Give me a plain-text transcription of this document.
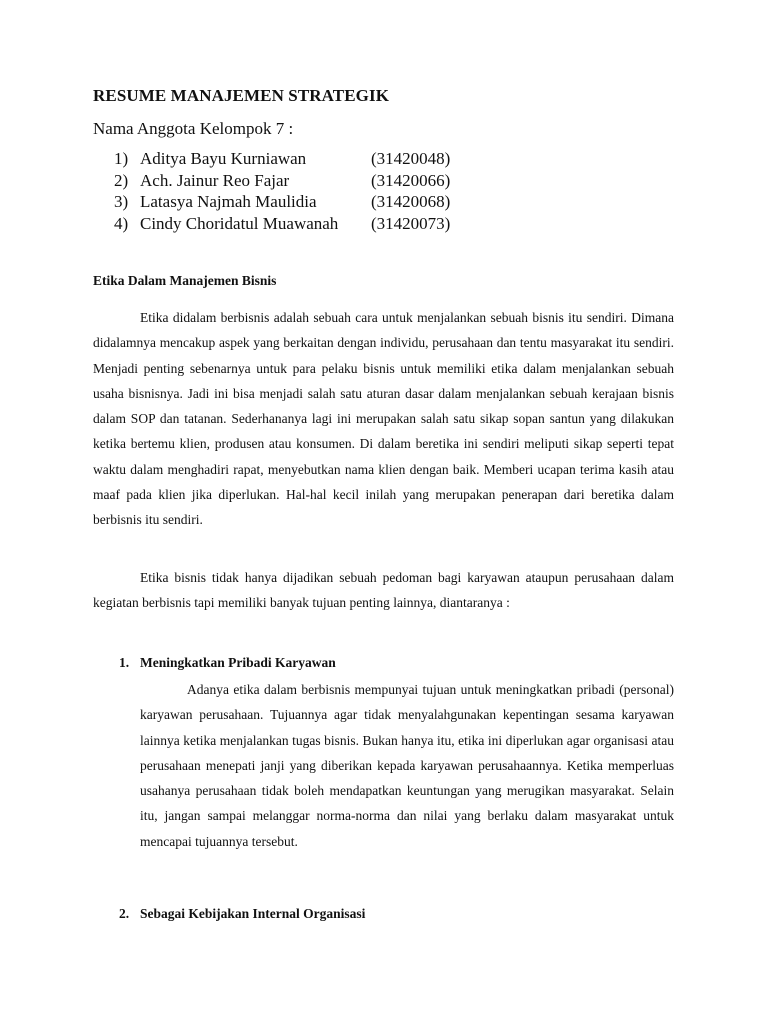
RESUME MANAJEMEN STRATEGIK
Nama Anggota Kelompok 7 :
1) Aditya Bayu Kurniawan	(31420048)
2) Ach. Jainur Reo Fajar	(31420066)
3) Latasya Najmah Maulidia	(31420068)
4) Cindy Choridatul Muawanah (31420073)
Etika Dalam Manajemen Bisnis

Etika didalam berbisnis adalah sebuah cara untuk menjalankan sebuah bisnis itu sendiri. Dimana didalamnya mencakup aspek yang berkaitan dengan individu, perusahaan dan tentu masyarakat itu sendiri. Menjadi penting sebenarnya untuk para pelaku bisnis untuk memiliki etika dalam menjalankan sebuah usaha bisnisnya. Jadi ini bisa menjadi salah satu aturan dasar dalam menjalankan sebuah kerajaan bisnis dalam SOP dan tatanan. Sederhananya lagi ini merupakan salah satu sikap sopan santun yang dilakukan ketika bertemu klien, produsen atau konsumen. Di dalam beretika ini sendiri meliputi sikap seperti tepat waktu dalam menghadiri rapat, menyebutkan nama klien dengan baik. Memberi ucapan terima kasih atau maaf pada klien jika diperlukan. Hal-hal kecil inilah yang merupakan penerapan dari beretika dalam berbisnis itu sendiri.

Etika bisnis tidak hanya dijadikan sebuah pedoman bagi karyawan ataupun perusahaan dalam kegiatan berbisnis tapi memiliki banyak tujuan penting lainnya, diantaranya :

1. Meningkatkan Pribadi Karyawan

Adanya etika dalam berbisnis mempunyai tujuan untuk meningkatkan pribadi (personal) karyawan perusahaan. Tujuannya agar tidak menyalahgunakan kepentingan sesama karyawan lainnya ketika menjalankan tugas bisnis. Bukan hanya itu, etika ini diperlukan agar organisasi atau perusahaan menepati janji yang diberikan kepada karyawan perusahaannya. Ketika memperluas usahanya perusahaan tidak boleh mendapatkan keuntungan yang merugikan masyarakat. Selain itu, jangan sampai melanggar norma-norma dan nilai yang berlaku dalam masyarakat untuk mencapai tujuannya tersebut.

2. Sebagai Kebijakan Internal Organisasi
